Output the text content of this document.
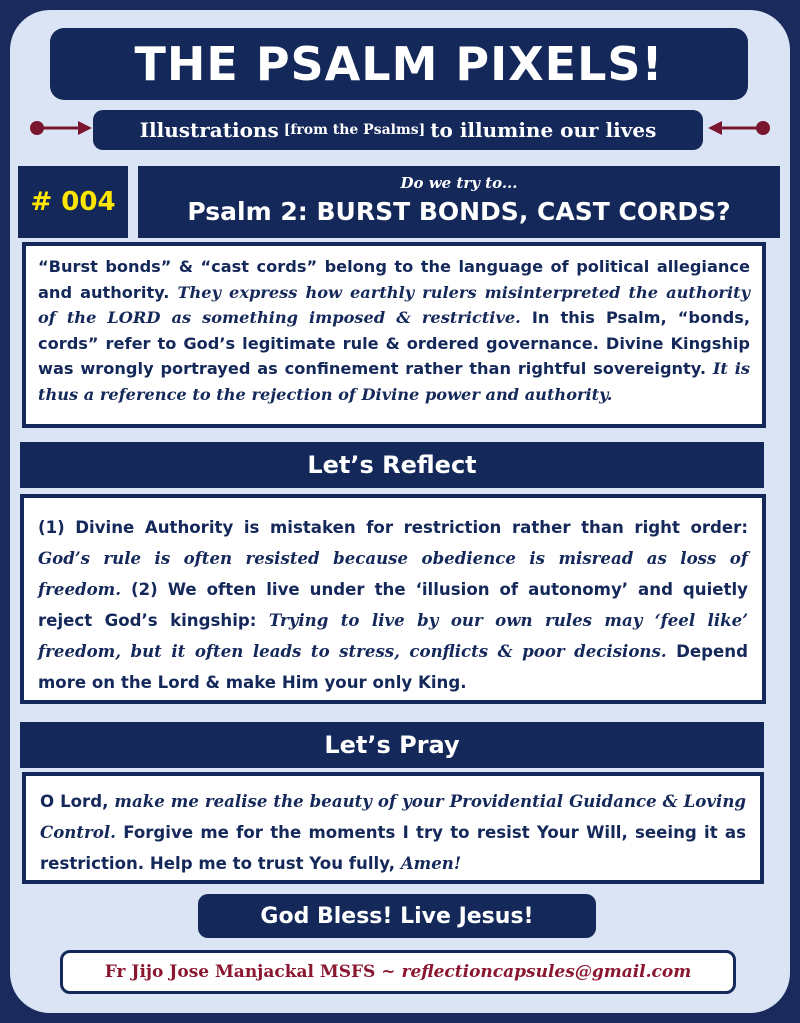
THE PSALM PIXELS!
Illustrations [from the Psalms] to illumine our lives
# 004
Do we try to...
Psalm 2: BURST BONDS, CAST CORDS?
“Burst bonds” & “cast cords” belong to the language of political allegiance and authority. They express how earthly rulers misinterpreted the authority of the LORD as something imposed & restrictive. In this Psalm, “bonds, cords” refer to God’s legitimate rule & ordered governance. Divine Kingship was wrongly portrayed as confinement rather than rightful sovereignty. It is thus a reference to the rejection of Divine power and authority.
Let’s Reflect
(1) Divine Authority is mistaken for restriction rather than right order: God’s rule is often resisted because obedience is misread as loss of freedom. (2) We often live under the ‘illusion of autonomy’ and quietly reject God’s kingship: Trying to live by our own rules may ‘feel like’ freedom, but it often leads to stress, conflicts & poor decisions. Depend more on the Lord & make Him your only King.
Let’s Pray
O Lord, make me realise the beauty of your Providential Guidance & Loving Control. Forgive me for the moments I try to resist Your Will, seeing it as restriction. Help me to trust You fully, Amen!
God Bless! Live Jesus!
Fr Jijo Jose Manjackal MSFS ~ reflectioncapsules@gmail.com
